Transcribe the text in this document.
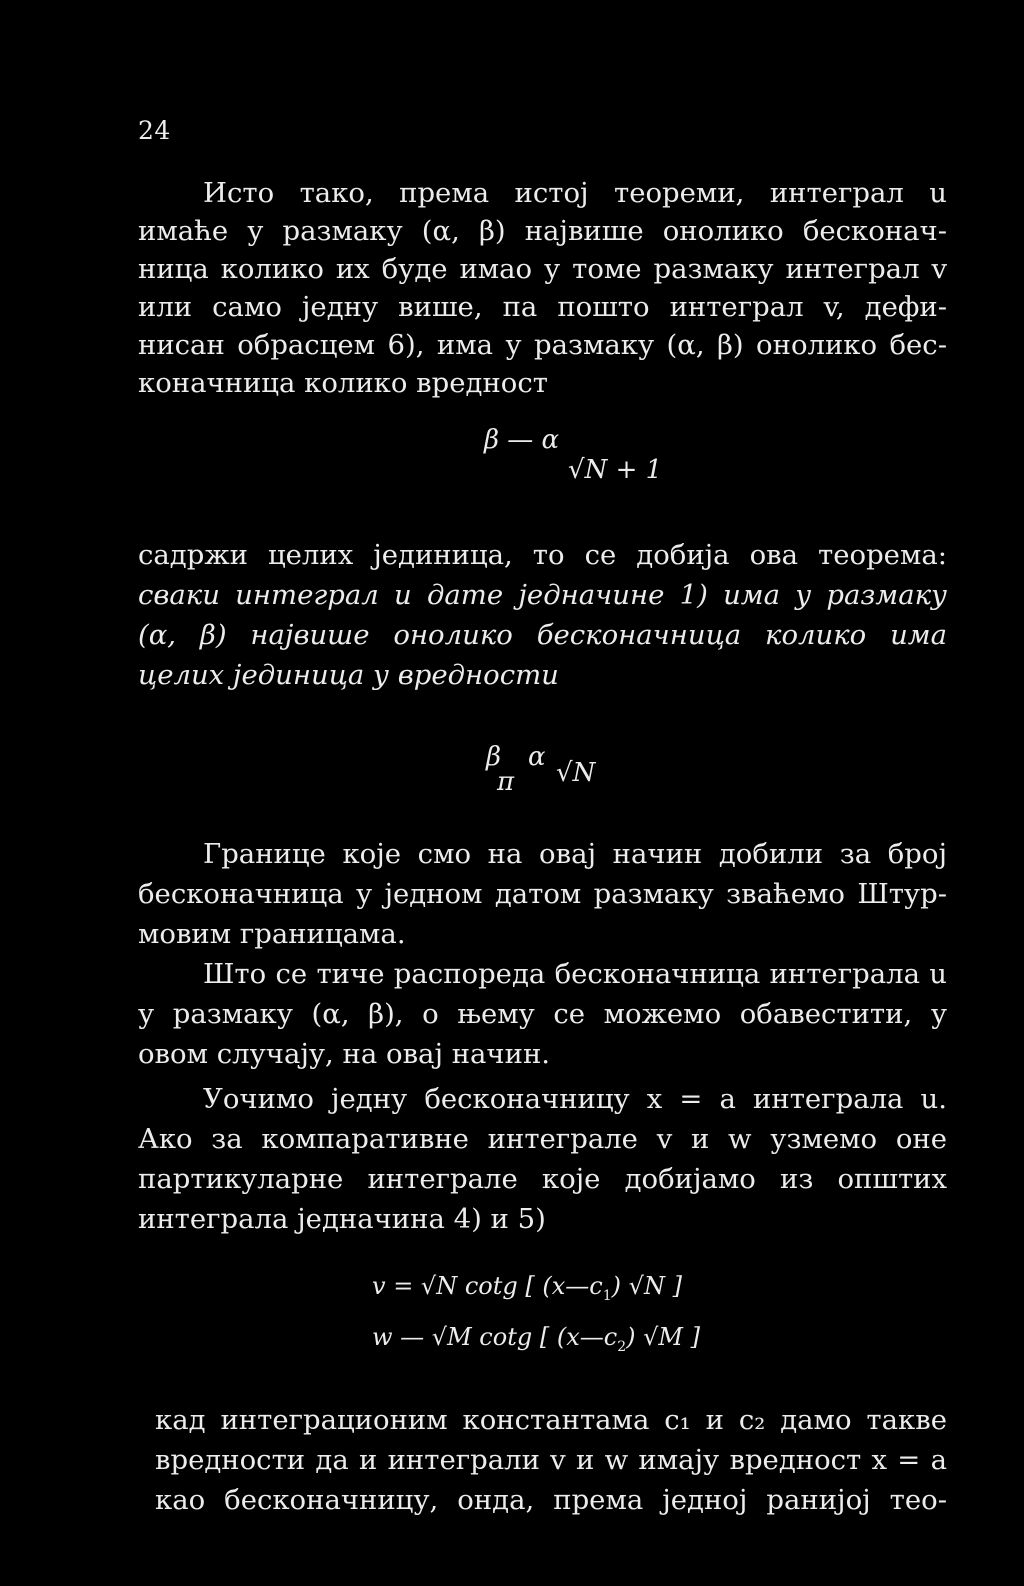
24
Исто тако, према истој теореми, интеграл u
имаће у размаку (α, β) највише онолико бесконач-
ница колико их буде имао у томе размаку интеграл v
или само једну више, па пошто интеграл v, дефи-
нисан обрасцем 6), има у размаку (α, β) онолико бес-
коначница колико вредност
β — α
√N + 1
садржи целих јединица, то се добија ова теорема:
сваки интеграл u дате једначине 1) има у размаку
(α, β) највише онолико бесконачница колико има
целих јединица у вредности
β α
π √N
Границе које смо на овај начин добили за број
бесконачница у једном датом размаку зваћемо Штур-
мовим границама.
Што се тиче распореда бесконачница интеграла u
у размаку (α, β), о њему се можемо обавестити, у
овом случају, на овај начин.
Уочимо једну бесконачницу x = a интеграла u.
Ако за компаративне интеграле v и w узмемо оне
партикуларне интеграле које добијамо из општих
интеграла једначина 4) и 5)
v = √N cotg [ $(x—c_1)$ √N ]
w — √M cotg [ $(x—c_2)$ √M ]
кад интеграционим константама c₁ и c₂ дамо такве
вредности да и интеграли v и w имају вредност x = a
као бесконачницу, онда, према једној ранијој тео-
